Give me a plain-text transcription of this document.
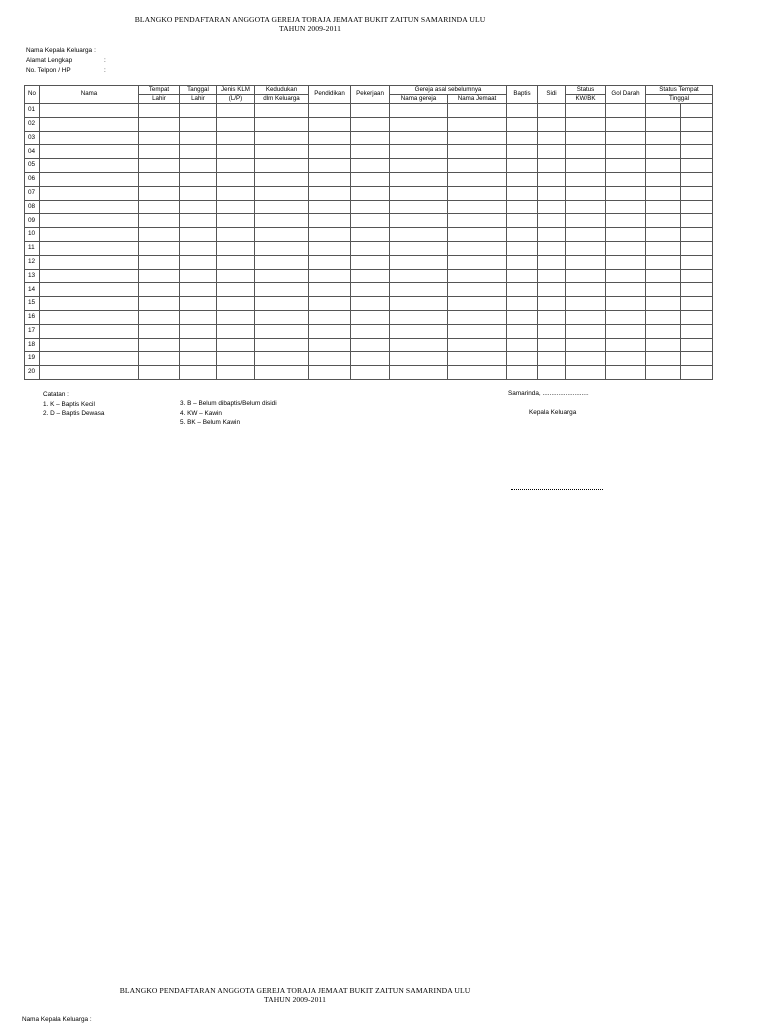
BLANGKO PENDAFTARAN ANGGOTA GEREJA TORAJA JEMAAT BUKIT ZAITUN SAMARINDA ULU
TAHUN 2009-2011
Nama Kepala Keluarga :
Alamat Lengkap	:
No. Telpon / HP	:
No	Nama	Tempat	Tanggal	Jenis KLM	Kedudukan	Pendidikan	Pekerjaan	Gereja asal sebelumnya		Baptis	Sidi	Status	Gol Darah	Status Tempat	
		Lahir	Lahir	(L/P)	dlm Keluarga			Nama gereja	Nama Jemaat			KW/BK		Tinggal	
01															
02															
03															
04															
05															
06															
07															
08															
09															
10															
11															
12															
13															
14															
15															
16															
17															
18															
19															
20															
Catatan :
1. K – Baptis Kecil
2. D – Baptis Dewasa
3. B – Belum dibaptis/Belum disidi
4. KW – Kawin
5. BK – Belum Kawin
Samarinda, ..........................
Kepala Keluarga
BLANGKO PENDAFTARAN ANGGOTA GEREJA TORAJA JEMAAT BUKIT ZAITUN SAMARINDA ULU
TAHUN 2009-2011
Nama Kepala Keluarga :
